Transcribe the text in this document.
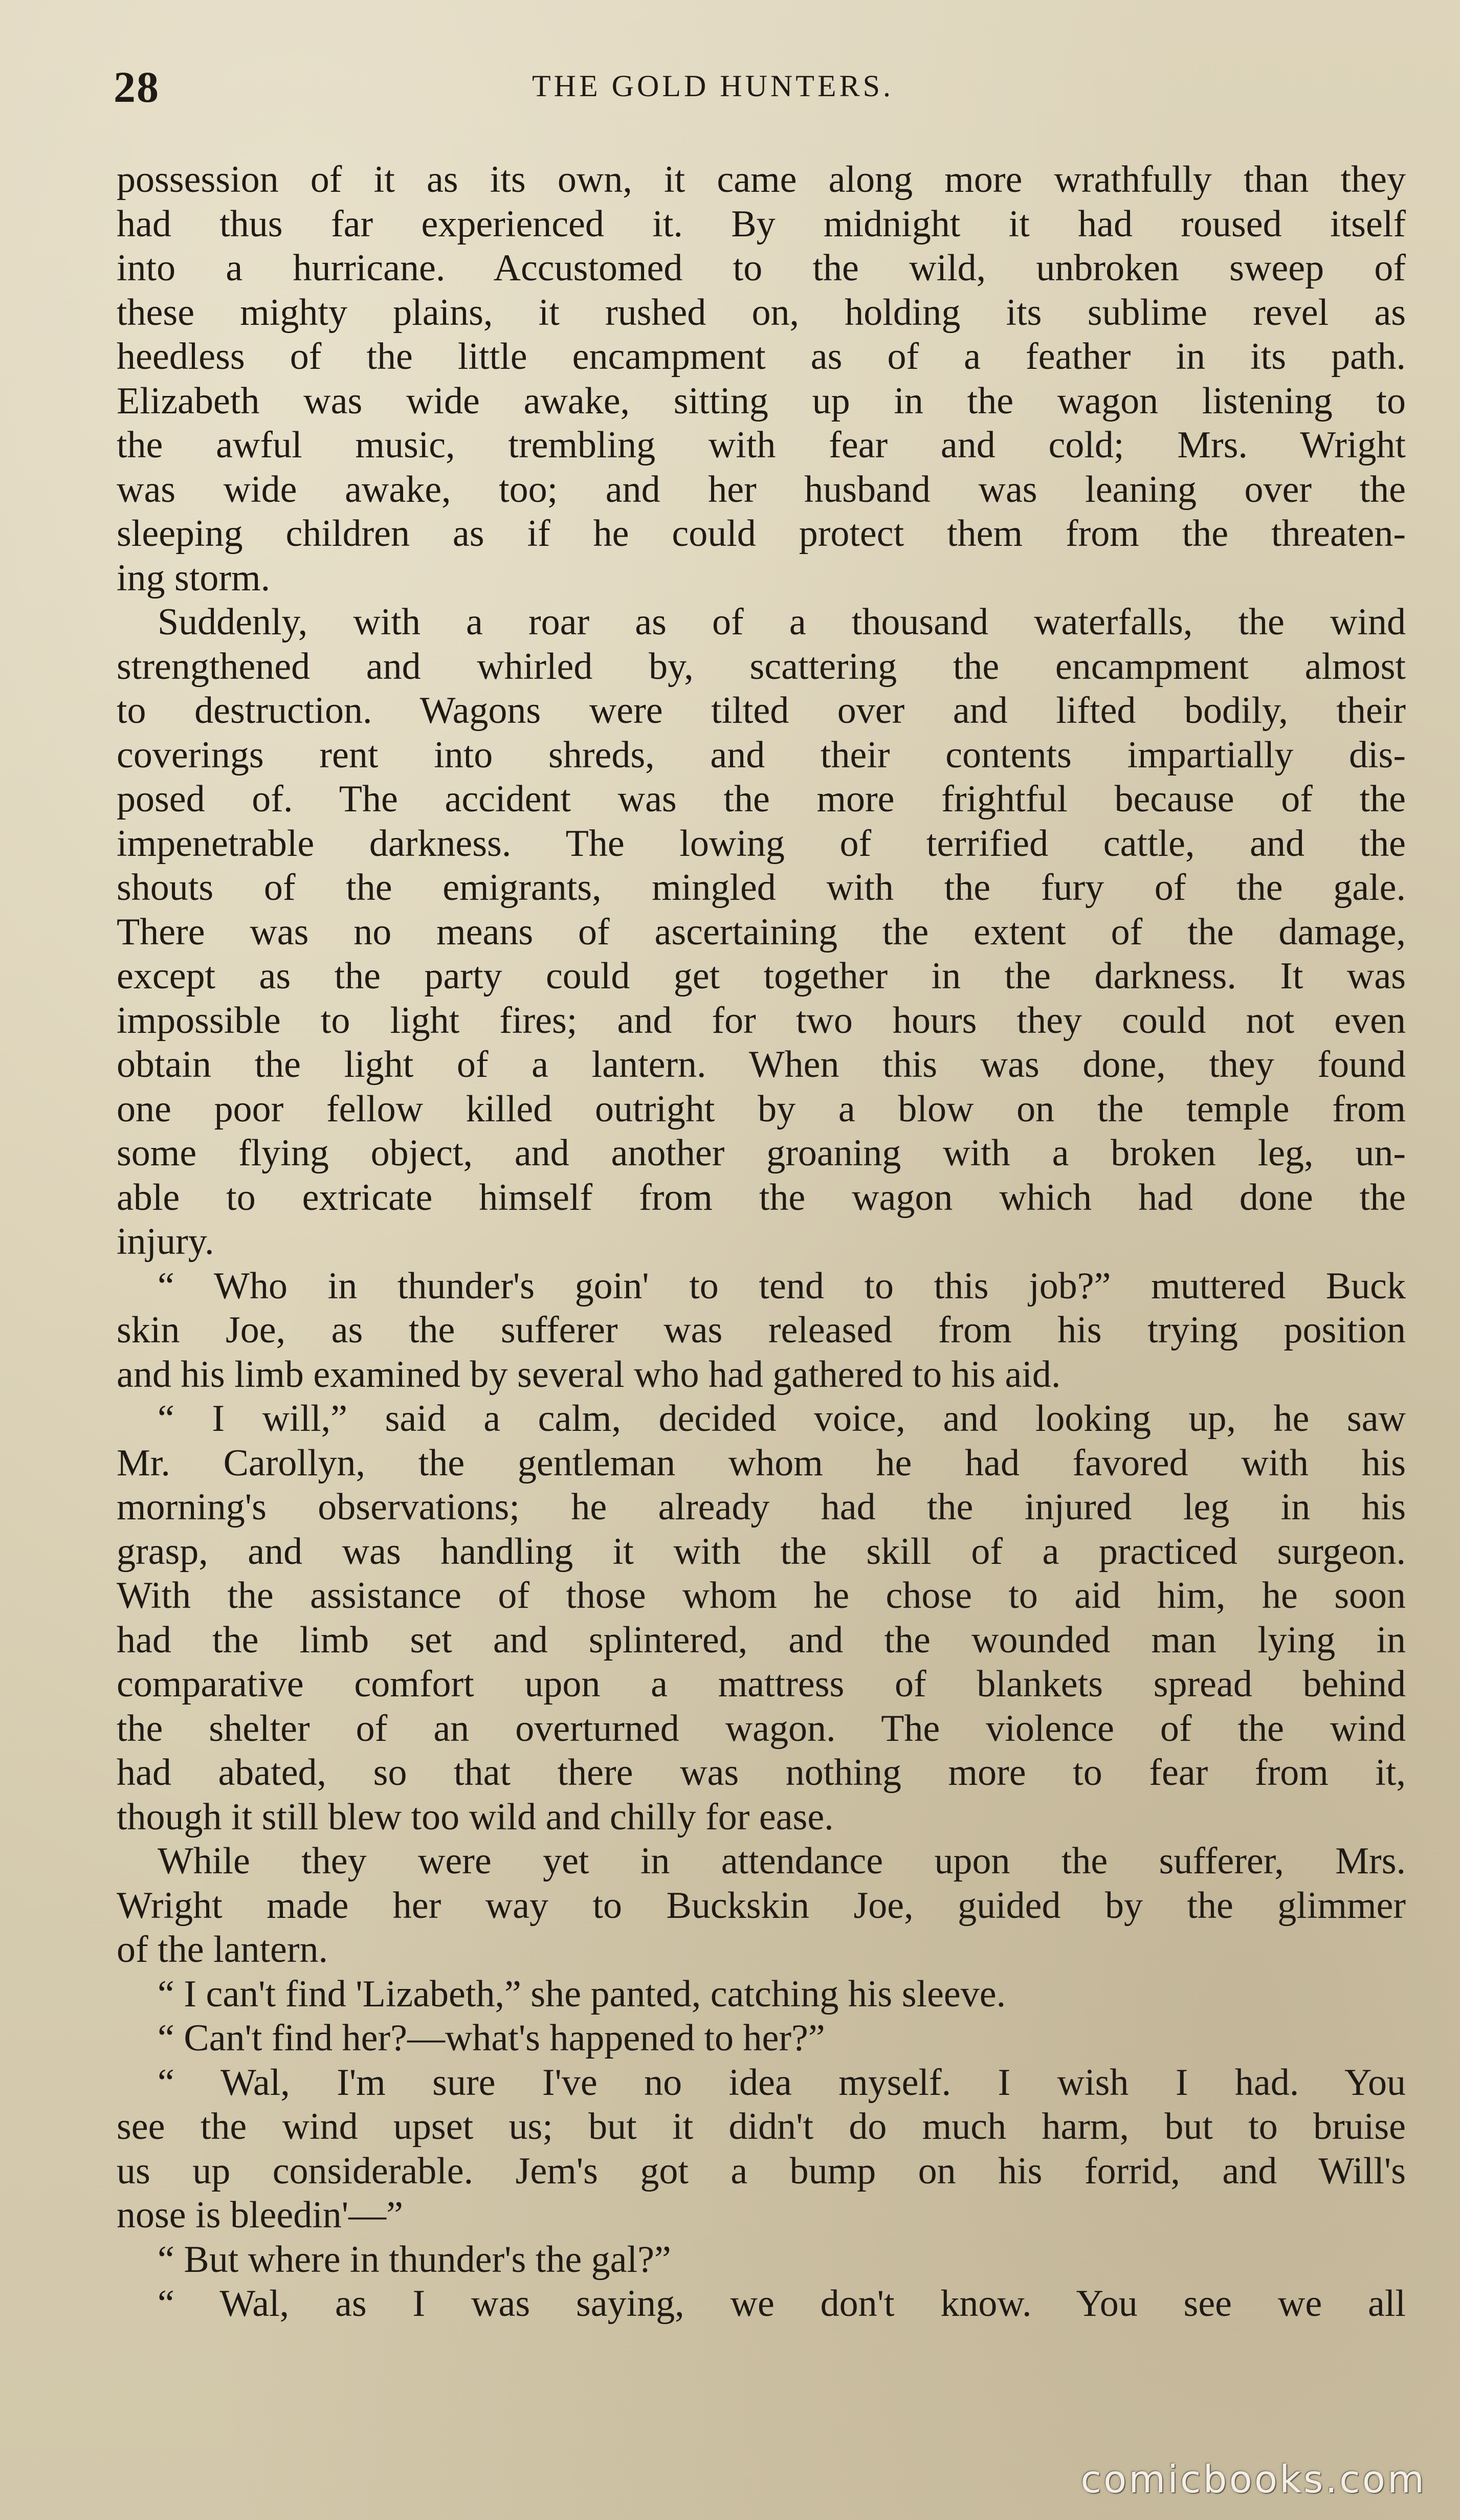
28	THE GOLD HUNTERS.
possession of it as its own, it came along more wrathfully than they
had thus far experienced it. By midnight it had roused itself
into a hurricane. Accustomed to the wild, unbroken sweep of
these mighty plains, it rushed on, holding its sublime revel as
heedless of the little encampment as of a feather in its path.
Elizabeth was wide awake, sitting up in the wagon listening to
the awful music, trembling with fear and cold; Mrs. Wright
was wide awake, too; and her husband was leaning over the
sleeping children as if he could protect them from the threaten-
ing storm.
Suddenly, with a roar as of a thousand waterfalls, the wind
strengthened and whirled by, scattering the encampment almost
to destruction. Wagons were tilted over and lifted bodily, their
coverings rent into shreds, and their contents impartially dis-
posed of. The accident was the more frightful because of the
impenetrable darkness. The lowing of terrified cattle, and the
shouts of the emigrants, mingled with the fury of the gale.
There was no means of ascertaining the extent of the damage,
except as the party could get together in the darkness. It was
impossible to light fires; and for two hours they could not even
obtain the light of a lantern. When this was done, they found
one poor fellow killed outright by a blow on the temple from
some flying object, and another groaning with a broken leg, un-
able to extricate himself from the wagon which had done the
injury.
“ Who in thunder's goin' to tend to this job?” muttered Buck
skin Joe, as the sufferer was released from his trying position
and his limb examined by several who had gathered to his aid.
“ I will,” said a calm, decided voice, and looking up, he saw
Mr. Carollyn, the gentleman whom he had favored with his
morning's observations; he already had the injured leg in his
grasp, and was handling it with the skill of a practiced surgeon.
With the assistance of those whom he chose to aid him, he soon
had the limb set and splintered, and the wounded man lying in
comparative comfort upon a mattress of blankets spread behind
the shelter of an overturned wagon. The violence of the wind
had abated, so that there was nothing more to fear from it,
though it still blew too wild and chilly for ease.
While they were yet in attendance upon the sufferer, Mrs.
Wright made her way to Buckskin Joe, guided by the glimmer
of the lantern.
“ I can't find 'Lizabeth,” she panted, catching his sleeve.
“ Can't find her?—what's happened to her?”
“ Wal, I'm sure I've no idea myself. I wish I had. You
see the wind upset us; but it didn't do much harm, but to bruise
us up considerable. Jem's got a bump on his forrid, and Will's
nose is bleedin'—”
“ But where in thunder's the gal?”
“ Wal, as I was saying, we don't know. You see we all
comicbooks.com
